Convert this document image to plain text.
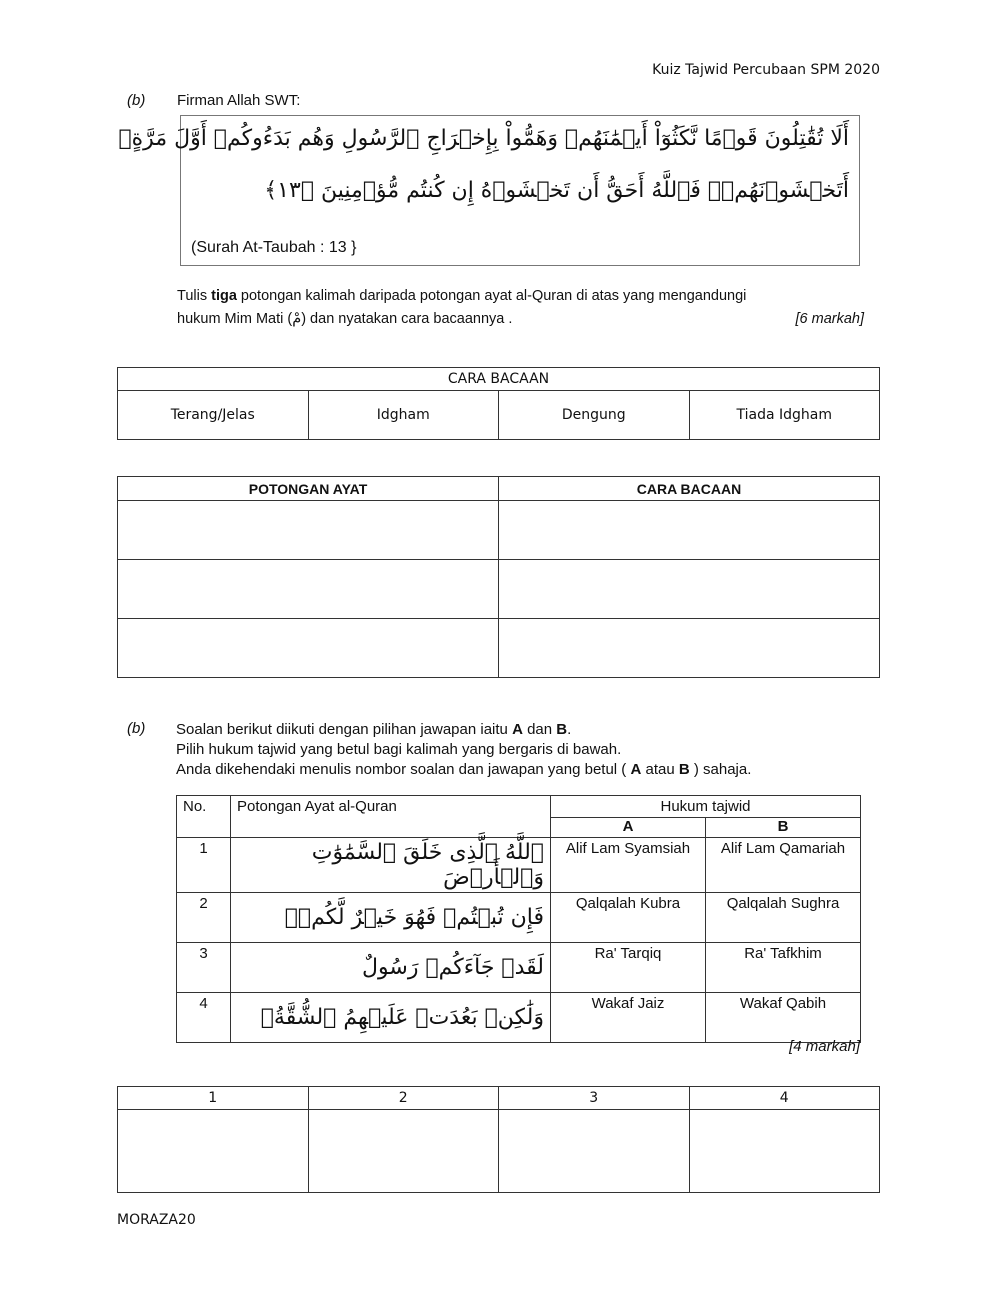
Kuiz Tajwid Percubaan SPM 2020
(b) Firman Allah SWT:
أَلَا تُقَٰتِلُونَ قَوۡمًا نَّكَثُوٓاْ أَيۡمَٰنَهُمۡ وَهَمُّواْ بِإِخۡرَاجِ ٱلرَّسُولِ وَهُم بَدَءُوكُمۡ أَوَّلَ مَرَّةٍۚ
أَتَخۡشَوۡنَهُمۡۚ فَٱللَّهُ أَحَقُّ أَن تَخۡشَوۡهُ إِن كُنتُم مُّؤۡمِنِينَ ﴿١٣﴾
(Surah At-Taubah : 13 }
Tulis tiga potongan kalimah daripada potongan ayat al-Quran di atas yang mengandungi
hukum Mim Mati (مْ) dan nyatakan cara bacaannya .	[6 markah]
CARA BACAAN
Terang/Jelas	Idgham	Dengung	Tiada Idgham
POTONGAN AYAT	CARA BACAAN

(b) Soalan berikut diikuti dengan pilihan jawapan iaitu A dan B.
Pilih hukum tajwid yang betul bagi kalimah yang bergaris di bawah.
Anda dikehendaki menulis nombor soalan dan jawapan yang betul ( A atau B ) sahaja.
No.	Potongan Ayat al-Quran	Hukum tajwid	
		A	B
1	ٱللَّهُ ٱلَّذِى خَلَقَ ٱلسَّمَٰوَٰتِ وَٱلۡأَرۡضَ	Alif Lam Syamsiah	Alif Lam Qamariah
2	فَإِن تُبۡتُمۡ فَهُوَ خَيۡرٌ لَّكُمۡۖ	Qalqalah Kubra	Qalqalah Sughra
3	لَقَدۡ جَآءَكُمۡ رَسُولٌ	Ra' Tarqiq	Ra' Tafkhim
4	وَلَٰكِنۢ بَعُدَتۡ عَلَيۡهِمُ ٱلشُّقَّةُۚ	Wakaf Jaiz	Wakaf Qabih
[4 markah]
1	2	3	4

MORAZA20
